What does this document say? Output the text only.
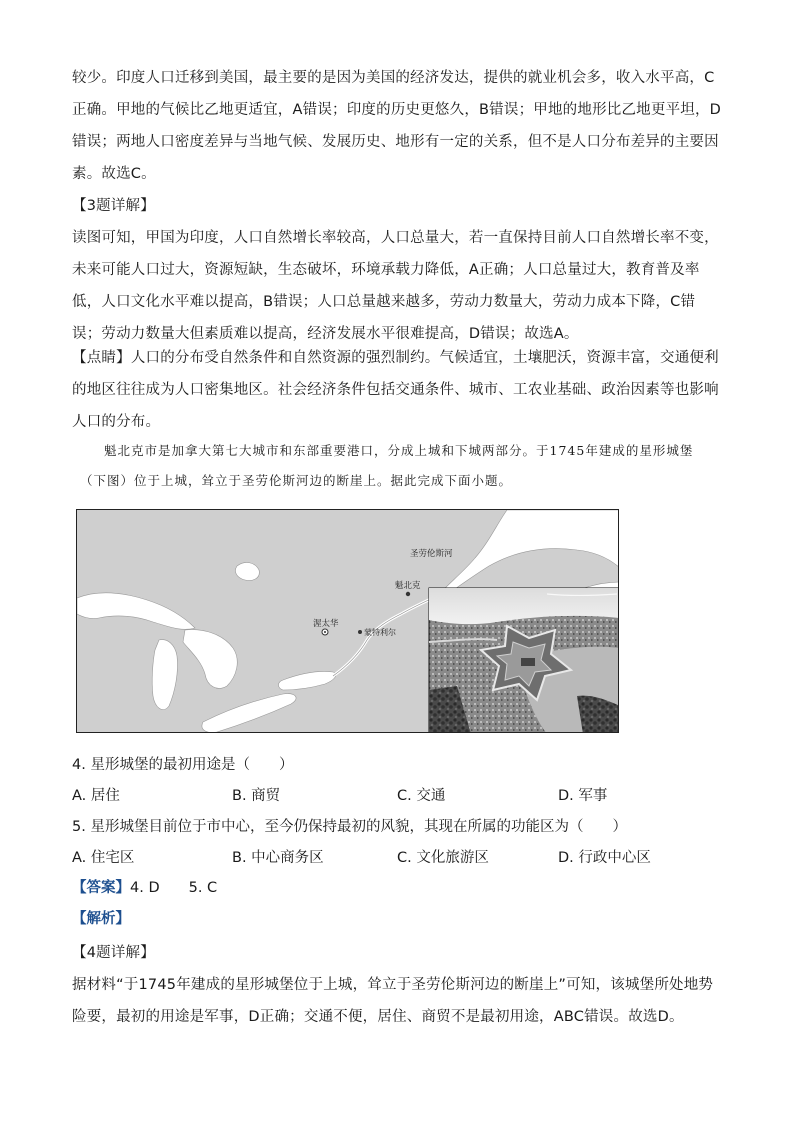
较少。印度人口迁移到美国，最主要的是因为美国的经济发达，提供的就业机会多，收入水平高，C正确。甲地的气候比乙地更适宜，A错误；印度的历史更悠久，B错误；甲地的地形比乙地更平坦，D错误；两地人口密度差异与当地气候、发展历史、地形有一定的关系，但不是人口分布差异的主要因素。故选C。

【3题详解】

读图可知，甲国为印度，人口自然增长率较高，人口总量大，若一直保持目前人口自然增长率不变，未来可能人口过大，资源短缺，生态破坏，环境承载力降低，A正确；人口总量过大，教育普及率低，人口文化水平难以提高，B错误；人口总量越来越多，劳动力数量大，劳动力成本下降，C错误；劳动力数量大但素质难以提高，经济发展水平很难提高，D错误；故选A。

【点睛】人口的分布受自然条件和自然资源的强烈制约。气候适宜，土壤肥沃，资源丰富，交通便利的地区往往成为人口密集地区。社会经济条件包括交通条件、城市、工农业基础、政治因素等也影响人口的分布。

魁北克市是加拿大第七大城市和东部重要港口，分成上城和下城两部分。于1745年建成的星形城堡（下图）位于上城，耸立于圣劳伦斯河边的断崖上。据此完成下面小题。

圣劳伦斯河
魁北克
渥太华
蒙特利尔

4. 星形城堡的最初用途是（　　）

A. 居住	B. 商贸	C. 交通	D. 军事

5. 星形城堡目前位于市中心，至今仍保持最初的风貌，其现在所属的功能区为（　　）

A. 住宅区	B. 中心商务区	C. 文化旅游区	D. 行政中心区
【答案】4. D　　5. C
【解析】

【4题详解】

据材料“于1745年建成的星形城堡位于上城，耸立于圣劳伦斯河边的断崖上”可知，该城堡所处地势险要，最初的用途是军事，D正确；交通不便，居住、商贸不是最初用途，ABC错误。故选D。
